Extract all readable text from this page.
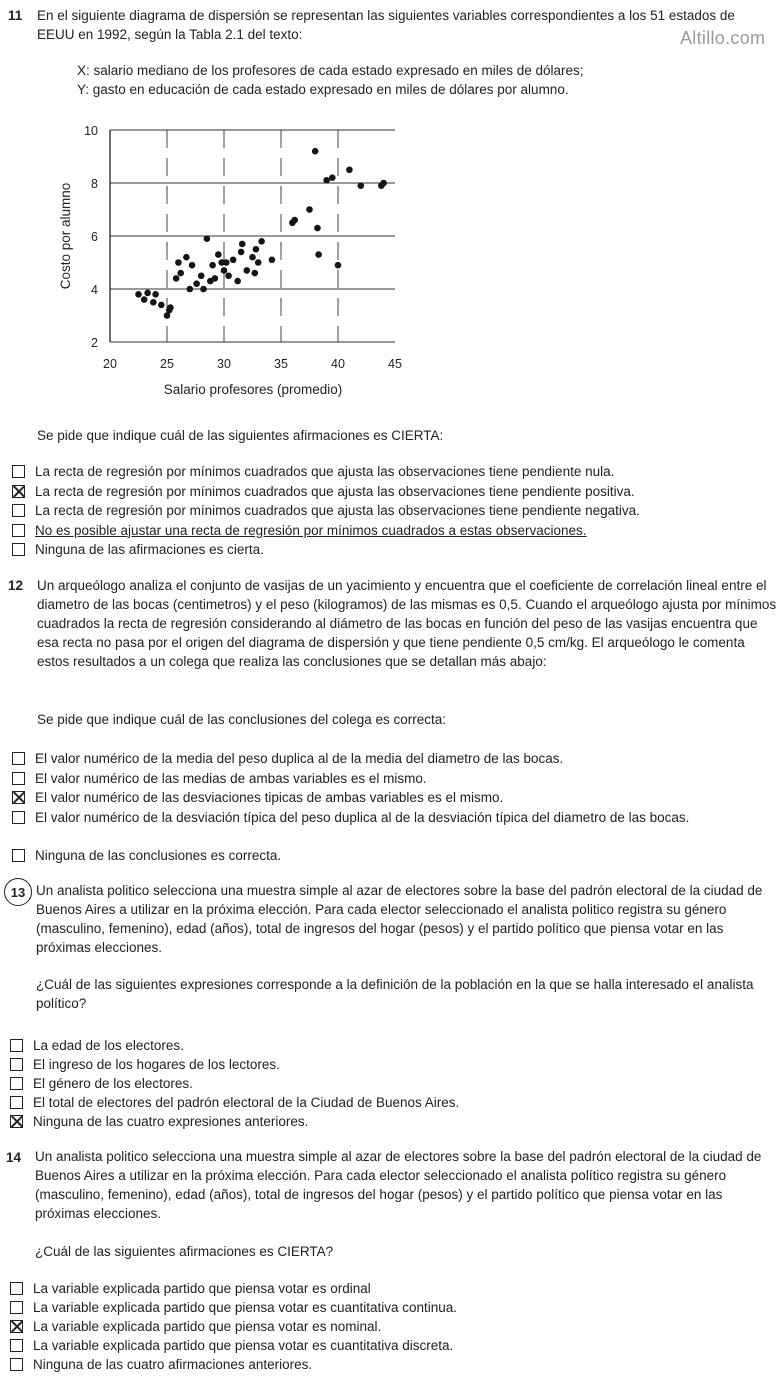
Altillo.com
11 En el siguiente diagrama de dispersión se representan las siguientes variables correspondientes a los 51 estados de EEUU en 1992, según la Tabla 2.1 del texto:
X: salario mediano de los profesores de cada estado expresado en miles de dólares;
Y: gasto en educación de cada estado expresado en miles de dólares por alumno.
2
4
6
8
10
20	25	30	35	40	45
Salario profesores (promedio)
Costo por alumno
Se pide que indique cuál de las siguientes afirmaciones es CIERTA:
La recta de regresión por mínimos cuadrados que ajusta las observaciones tiene pendiente nula.
La recta de regresión por mínimos cuadrados que ajusta las observaciones tiene pendiente positiva.
La recta de regresión por mínimos cuadrados que ajusta las observaciones tiene pendiente negativa.
No es posible ajustar una recta de regresión por mínimos cuadrados a estas observaciones.
Ninguna de las afirmaciones es cierta.
12 Un arqueólogo analiza el conjunto de vasijas de un yacimiento y encuentra que el coeficiente de correlación lineal entre el diametro de las bocas (centimetros) y el peso (kilogramos) de las mismas es 0,5. Cuando el arqueólogo ajusta por mínimos cuadrados la recta de regresión considerando al diámetro de las bocas en función del peso de las vasijas encuentra que esa recta no pasa por el origen del diagrama de dispersión y que tiene pendiente 0,5 cm/kg. El arqueólogo le comenta estos resultados a un colega que realiza las conclusiones que se detallan más abajo:
Se pide que indique cuál de las conclusiones del colega es correcta:
El valor numérico de la media del peso duplica al de la media del diametro de las bocas.
El valor numérico de las medias de ambas variables es el mismo.
El valor numérico de las desviaciones tipicas de ambas variables es el mismo.
El valor numérico de la desviación típica del peso duplica al de la desviación típica del diametro de las bocas.
Ninguna de las conclusiones es correcta.
13 Un analista politico selecciona una muestra simple al azar de electores sobre la base del padrón electoral de la ciudad de Buenos Aires a utilizar en la próxima elección. Para cada elector seleccionado el analista politico registra su género (masculino, femenino), edad (años), total de ingresos del hogar (pesos) y el partido político que piensa votar en las próximas elecciones.
¿Cuál de las siguientes expresiones corresponde a la definición de la población en la que se halla interesado el analista político?
La edad de los electores.
El ingreso de los hogares de los lectores.
El género de los electores.
El total de electores del padrón electoral de la Ciudad de Buenos Aires.
Ninguna de las cuatro expresiones anteriores.
14 Un analista politico selecciona una muestra simple al azar de electores sobre la base del padrón electoral de la ciudad de Buenos Aires a utilizar en la próxima elección. Para cada elector seleccionado el analista político registra su género (masculino, femenino), edad (años), total de ingresos del hogar (pesos) y el partido político que piensa votar en las próximas elecciones.
¿Cuál de las siguientes afirmaciones es CIERTA?
La variable explicada partido que piensa votar es ordinal
La variable explicada partido que piensa votar es cuantitativa continua.
La variable explicada partido que piensa votar es nominal.
La variable explicada partido que piensa votar es cuantitativa discreta.
Ninguna de las cuatro afirmaciones anteriores.
